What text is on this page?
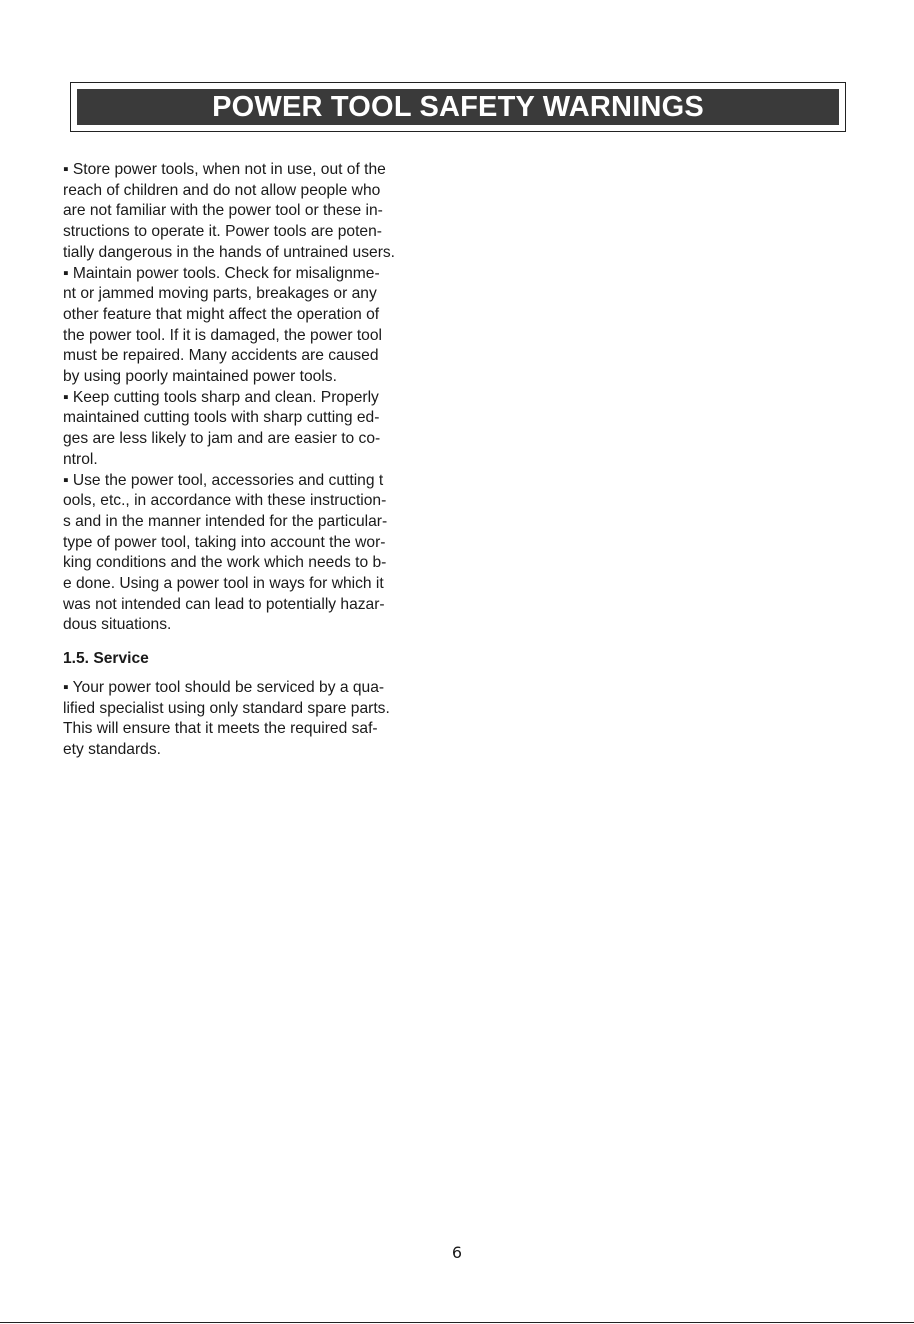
POWER TOOL SAFETY WARNINGS
▪ Store power tools, when not in use, out of the
reach of children and do not allow people who
are not familiar with the power tool or these in-
structions to operate it. Power tools are poten-
tially dangerous in the hands of untrained users.
▪ Maintain power tools. Check for misalignme-
nt or jammed moving parts, breakages or any
other feature that might affect the operation of
the power tool. If it is damaged, the power tool
must be repaired. Many accidents are caused
by using poorly maintained power tools.
▪ Keep cutting tools sharp and clean. Properly
maintained cutting tools with sharp cutting ed-
ges are less likely to jam and are easier to co-
ntrol.
▪ Use the power tool, accessories and cutting t
ools, etc., in accordance with these instruction-
s and in the manner intended for the particular-
type of power tool, taking into account the wor-
king conditions and the work which needs to b-
e done. Using a power tool in ways for which it
was not intended can lead to potentially hazar-
dous situations.
1.5. Service
▪ Your power tool should be serviced by a qua-
lified specialist using only standard spare parts.
This will ensure that it meets the required saf-
ety standards.
6
